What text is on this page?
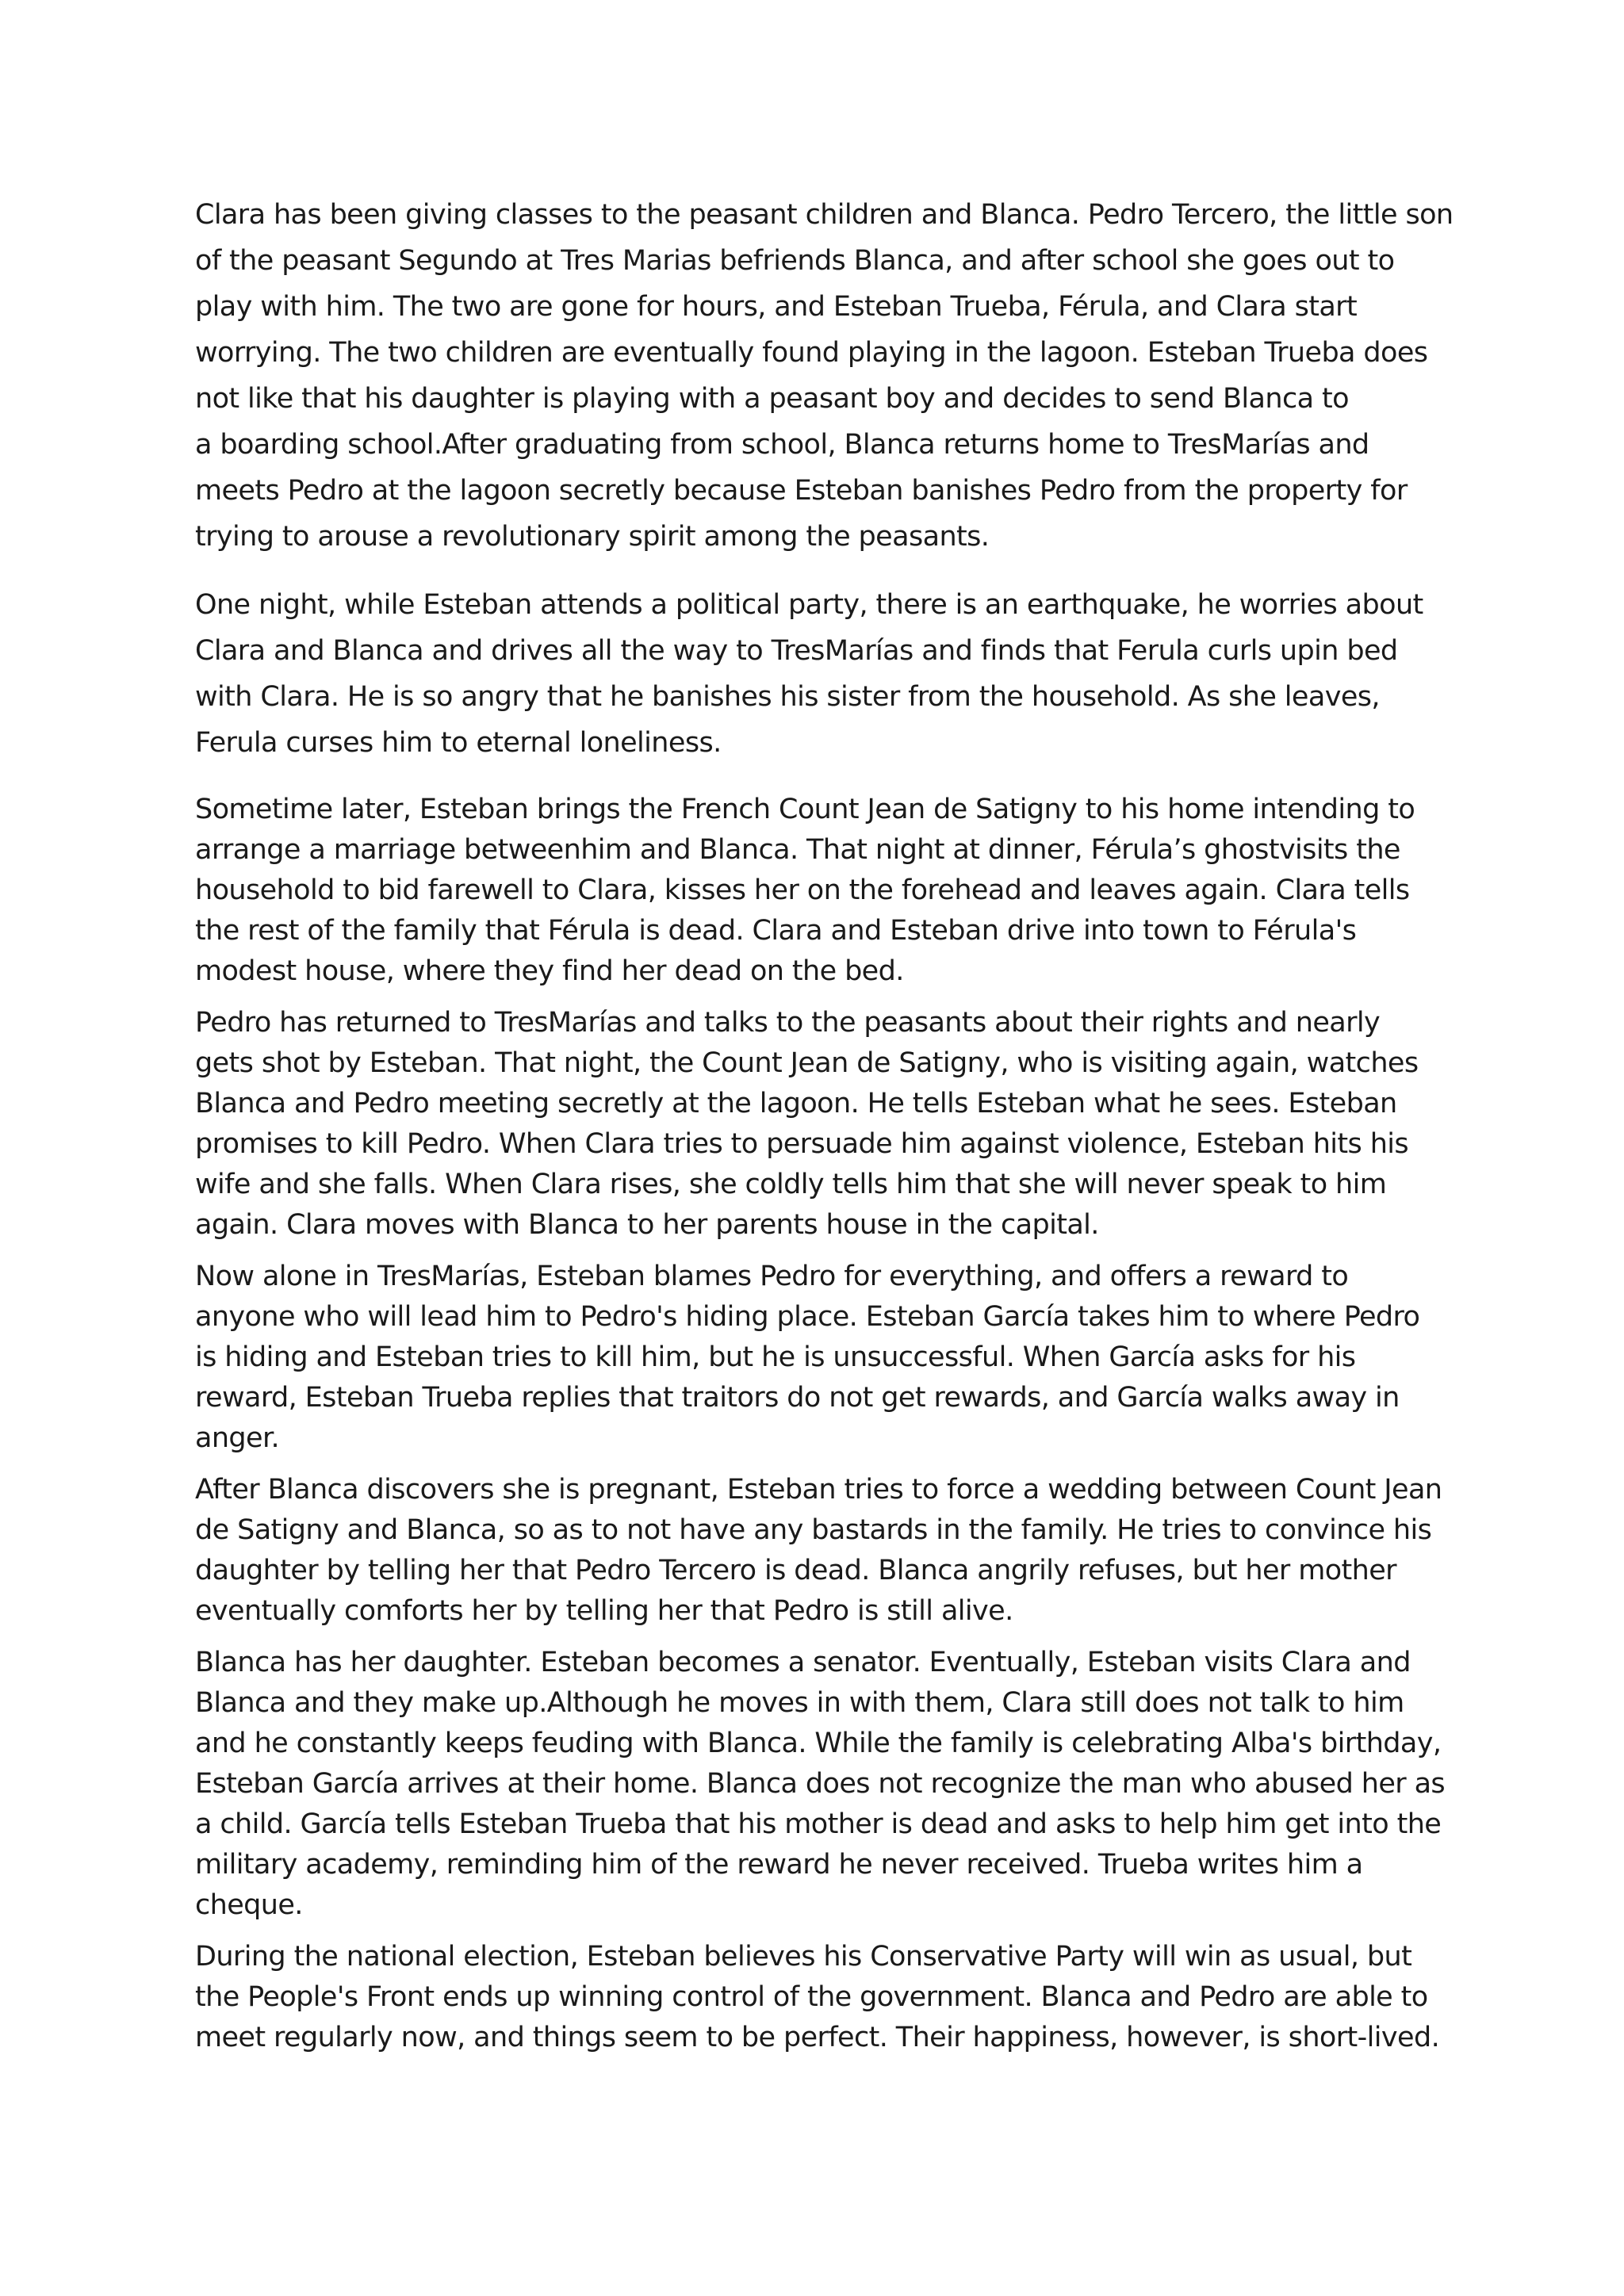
Clara has been giving classes to the peasant children and Blanca. Pedro Tercero, the little son
of the peasant Segundo at Tres Marias befriends Blanca, and after school she goes out to
play with him. The two are gone for hours, and Esteban Trueba, Férula, and Clara start
worrying. The two children are eventually found playing in the lagoon. Esteban Trueba does
not like that his daughter is playing with a peasant boy and decides to send Blanca to
a boarding school.After graduating from school, Blanca returns home to TresMarías and
meets Pedro at the lagoon secretly because Esteban banishes Pedro from the property for
trying to arouse a revolutionary spirit among the peasants.

One night, while Esteban attends a political party, there is an earthquake, he worries about
Clara and Blanca and drives all the way to TresMarías and finds that Ferula curls upin bed
with Clara. He is so angry that he banishes his sister from the household. As she leaves,
Ferula curses him to eternal loneliness.

Sometime later, Esteban brings the French Count Jean de Satigny to his home intending to
arrange a marriage betweenhim and Blanca. That night at dinner, Férula’s ghostvisits the
household to bid farewell to Clara, kisses her on the forehead and leaves again. Clara tells
the rest of the family that Férula is dead. Clara and Esteban drive into town to Férula's
modest house, where they find her dead on the bed.

Pedro has returned to TresMarías and talks to the peasants about their rights and nearly
gets shot by Esteban. That night, the Count Jean de Satigny, who is visiting again, watches
Blanca and Pedro meeting secretly at the lagoon. He tells Esteban what he sees. Esteban
promises to kill Pedro. When Clara tries to persuade him against violence, Esteban hits his
wife and she falls. When Clara rises, she coldly tells him that she will never speak to him
again. Clara moves with Blanca to her parents house in the capital.

Now alone in TresMarías, Esteban blames Pedro for everything, and offers a reward to
anyone who will lead him to Pedro's hiding place. Esteban García takes him to where Pedro
is hiding and Esteban tries to kill him, but he is unsuccessful. When García asks for his
reward, Esteban Trueba replies that traitors do not get rewards, and García walks away in
anger.

After Blanca discovers she is pregnant, Esteban tries to force a wedding between Count Jean
de Satigny and Blanca, so as to not have any bastards in the family. He tries to convince his
daughter by telling her that Pedro Tercero is dead. Blanca angrily refuses, but her mother
eventually comforts her by telling her that Pedro is still alive.

Blanca has her daughter. Esteban becomes a senator. Eventually, Esteban visits Clara and
Blanca and they make up.Although he moves in with them, Clara still does not talk to him
and he constantly keeps feuding with Blanca. While the family is celebrating Alba's birthday,
Esteban García arrives at their home. Blanca does not recognize the man who abused her as
a child. García tells Esteban Trueba that his mother is dead and asks to help him get into the
military academy, reminding him of the reward he never received. Trueba writes him a
cheque.

During the national election, Esteban believes his Conservative Party will win as usual, but
the People's Front ends up winning control of the government. Blanca and Pedro are able to
meet regularly now, and things seem to be perfect. Their happiness, however, is short-lived.
